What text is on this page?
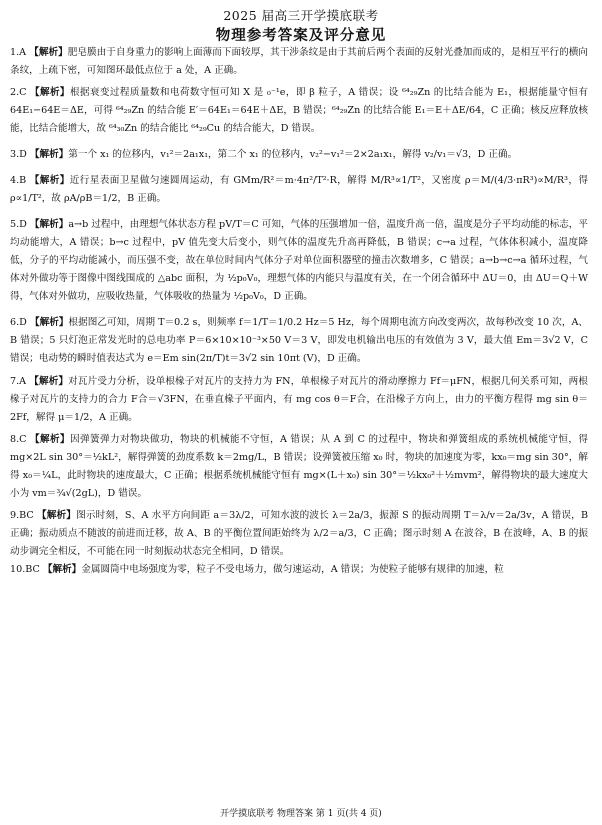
2025 届高三开学摸底联考
物理参考答案及评分意见
1.A 【解析】肥皂膜由于自身重力的影响上面薄而下面较厚，其干涉条纹是由于其前后两个表面的反射光叠加而成的，是相互平行的横向条纹，上疏下密，可知图环最低点位于 a 处，A 正确。
2.C 【解析】根据衰变过程质量数和电荷数守恒可知 X 是 ₀⁻¹e，即 β 粒子，A 错误；设 ⁶⁴₂₉Zn 的比结合能为 E₁，根据能量守恒有 64E₁−64E＝ΔE，可得 ⁶⁴₂₉Zn 的结合能 E′＝64E₁＝64E＋ΔE，B 错误；⁶⁴₂₉Zn 的比结合能 E₁＝E＋ΔE/64，C 正确；核反应释放核能，比结合能增大，故 ⁶⁴₃₀Zn 的结合能比 ⁶⁴₂₉Cu 的结合能大，D 错误。
3.D 【解析】第一个 x₁ 的位移内，v₁²＝2a₁x₁，第二个 x₁ 的位移内，v₂²−v₁²＝2×2a₁x₁，解得 v₂/v₁＝√3，D 正确。
4.B 【解析】近行星表面卫星做匀速圆周运动，有 GMm/R²＝m·4π²/T²·R，解得 M/R³∝1/T²，又密度 ρ＝M/(4/3·πR³)∝M/R³，得 ρ∝1/T²，故 ρA/ρB＝1/2，B 正确。
5.D 【解析】a→b 过程中，由理想气体状态方程 pV/T＝C 可知，气体的压强增加一倍，温度升高一倍，温度是分子平均动能的标志，平均动能增大，A 错误；b→c 过程中，pV 值先变大后变小，则气体的温度先升高再降低，B 错误；c→a 过程，气体体积减小，温度降低，分子的平均动能减小，而压强不变，故在单位时间内气体分子对单位面积器壁的撞击次数增多，C 错误；a→b→c→a 循环过程，气体对外做功等于图像中图线围成的 △abc 面积，为 ½p₀V₀，理想气体的内能只与温度有关，在一个闭合循环中 ΔU＝0，由 ΔU＝Q＋W 得，气体对外做功，应吸收热量，气体吸收的热量为 ½p₀V₀，D 正确。
6.D 【解析】根据图乙可知，周期 T＝0.2 s，则频率 f＝1/T＝1/0.2 Hz＝5 Hz，每个周期电流方向改变两次，故每秒改变 10 次，A、B 错误；5 只灯泡正常发光时的总电功率 P＝6×10×10⁻³×50 V＝3 V，即发电机输出电压的有效值为 3 V，最大值 Em＝3√2 V，C 错误；电动势的瞬时值表达式为 e＝Em sin(2π/T)t＝3√2 sin 10πt (V)，D 正确。
7.A 【解析】对瓦片受力分析，设单根椽子对瓦片的支持力为 FN，单根椽子对瓦片的滑动摩擦力 Ff＝μFN，根据几何关系可知，两根椽子对瓦片的支持力的合力 F合＝√3FN，在垂直椽子平面内，有 mg cos θ＝F合，在沿椽子方向上，由力的平衡方程得 mg sin θ＝2Ff，解得 μ＝1/2，A 正确。
8.C 【解析】因弹簧弹力对物块做功，物块的机械能不守恒，A 错误；从 A 到 C 的过程中，物块和弹簧组成的系统机械能守恒，得 mg×2L sin 30°＝½kL²，解得弹簧的劲度系数 k＝2mg/L，B 错误；设弹簧被压缩 x₀ 时，物块的加速度为零，kx₀＝mg sin 30°，解得 x₀＝¼L，此时物块的速度最大，C 正确；根据系统机械能守恒有 mg×(L＋x₀) sin 30°＝½kx₀²＋½mvm²，解得物块的最大速度大小为 vm＝¾√(2gL)，D 错误。
9.BC 【解析】图示时刻，S、A 水平方向间距 a＝3λ/2，可知水波的波长 λ＝2a/3，振源 S 的振动周期 T＝λ/v＝2a/3v，A 错误，B 正确；振动质点不随波的前进而迁移，故 A、B 的平衡位置间距始终为 λ/2＝a/3，C 正确；图示时刻 A 在波谷，B 在波峰，A、B 的振动步调完全相反，不可能在同一时刻振动状态完全相同，D 错误。
10.BC 【解析】金属圆筒中电场强度为零，粒子不受电场力，做匀速运动，A 错误；为使粒子能够有规律的加速，粒
开学摸底联考 物理答案 第 1 页(共 4 页)
